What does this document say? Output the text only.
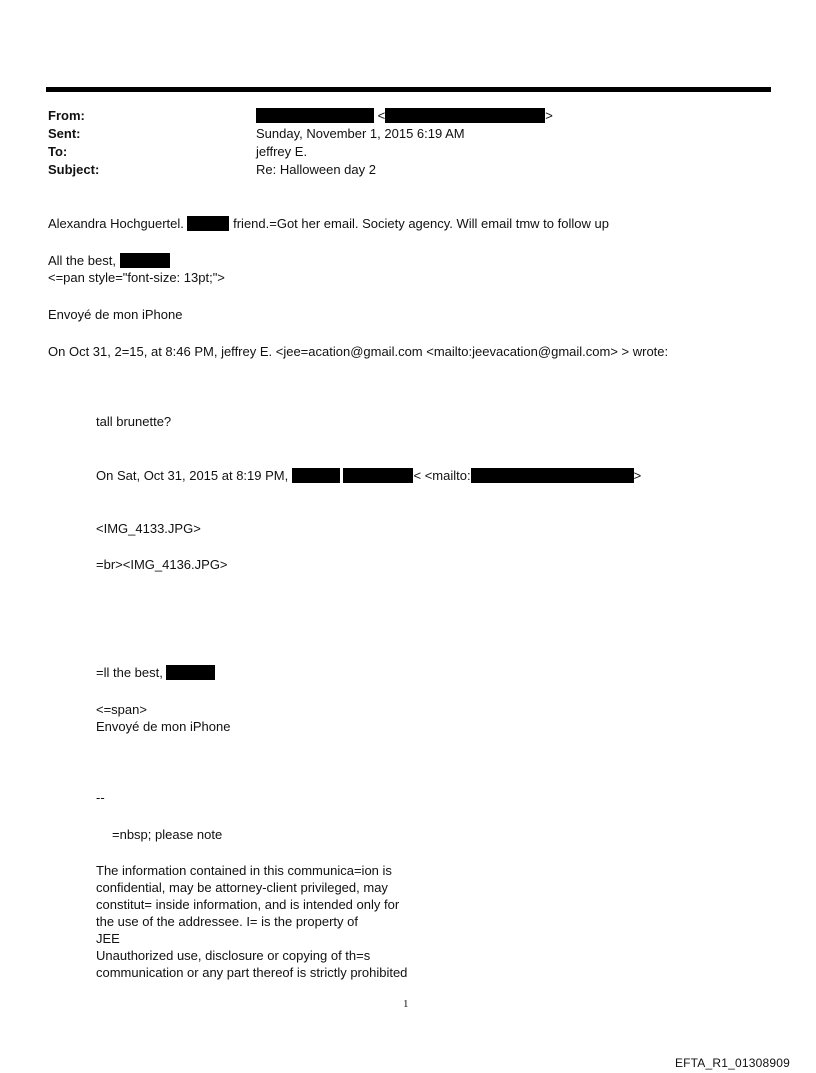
From:	<	>
Sent:	Sunday, November 1, 2015 6:19 AM
To:	jeffrey E.
Subject:	Re: Halloween day 2
Alexandra Hochguertel.	friend.=Got her email. Society agency. Will email tmw to follow up
All the best,
<=pan style="font-size: 13pt;">
Envoyé de mon iPhone
On Oct 31, 2=15, at 8:46 PM, jeffrey E. <jee=acation@gmail.com <mailto:jeevacation@gmail.com> > wrote:
tall brunette?
On Sat, Oct 31, 2015 at 8:19 PM,	< <mailto:	>
<IMG_4133.JPG>
=br><IMG_4136.JPG>
=ll the best,
<=span>
Envoyé de mon iPhone
--
=nbsp; please note
The information contained in this communica=ion is
confidential, may be attorney-client privileged, may
constitut= inside information, and is intended only for
the use of the addressee. I= is the property of
JEE
Unauthorized use, disclosure or copying of th=s
communication or any part thereof is strictly prohibited
1
EFTA_R1_01308909
